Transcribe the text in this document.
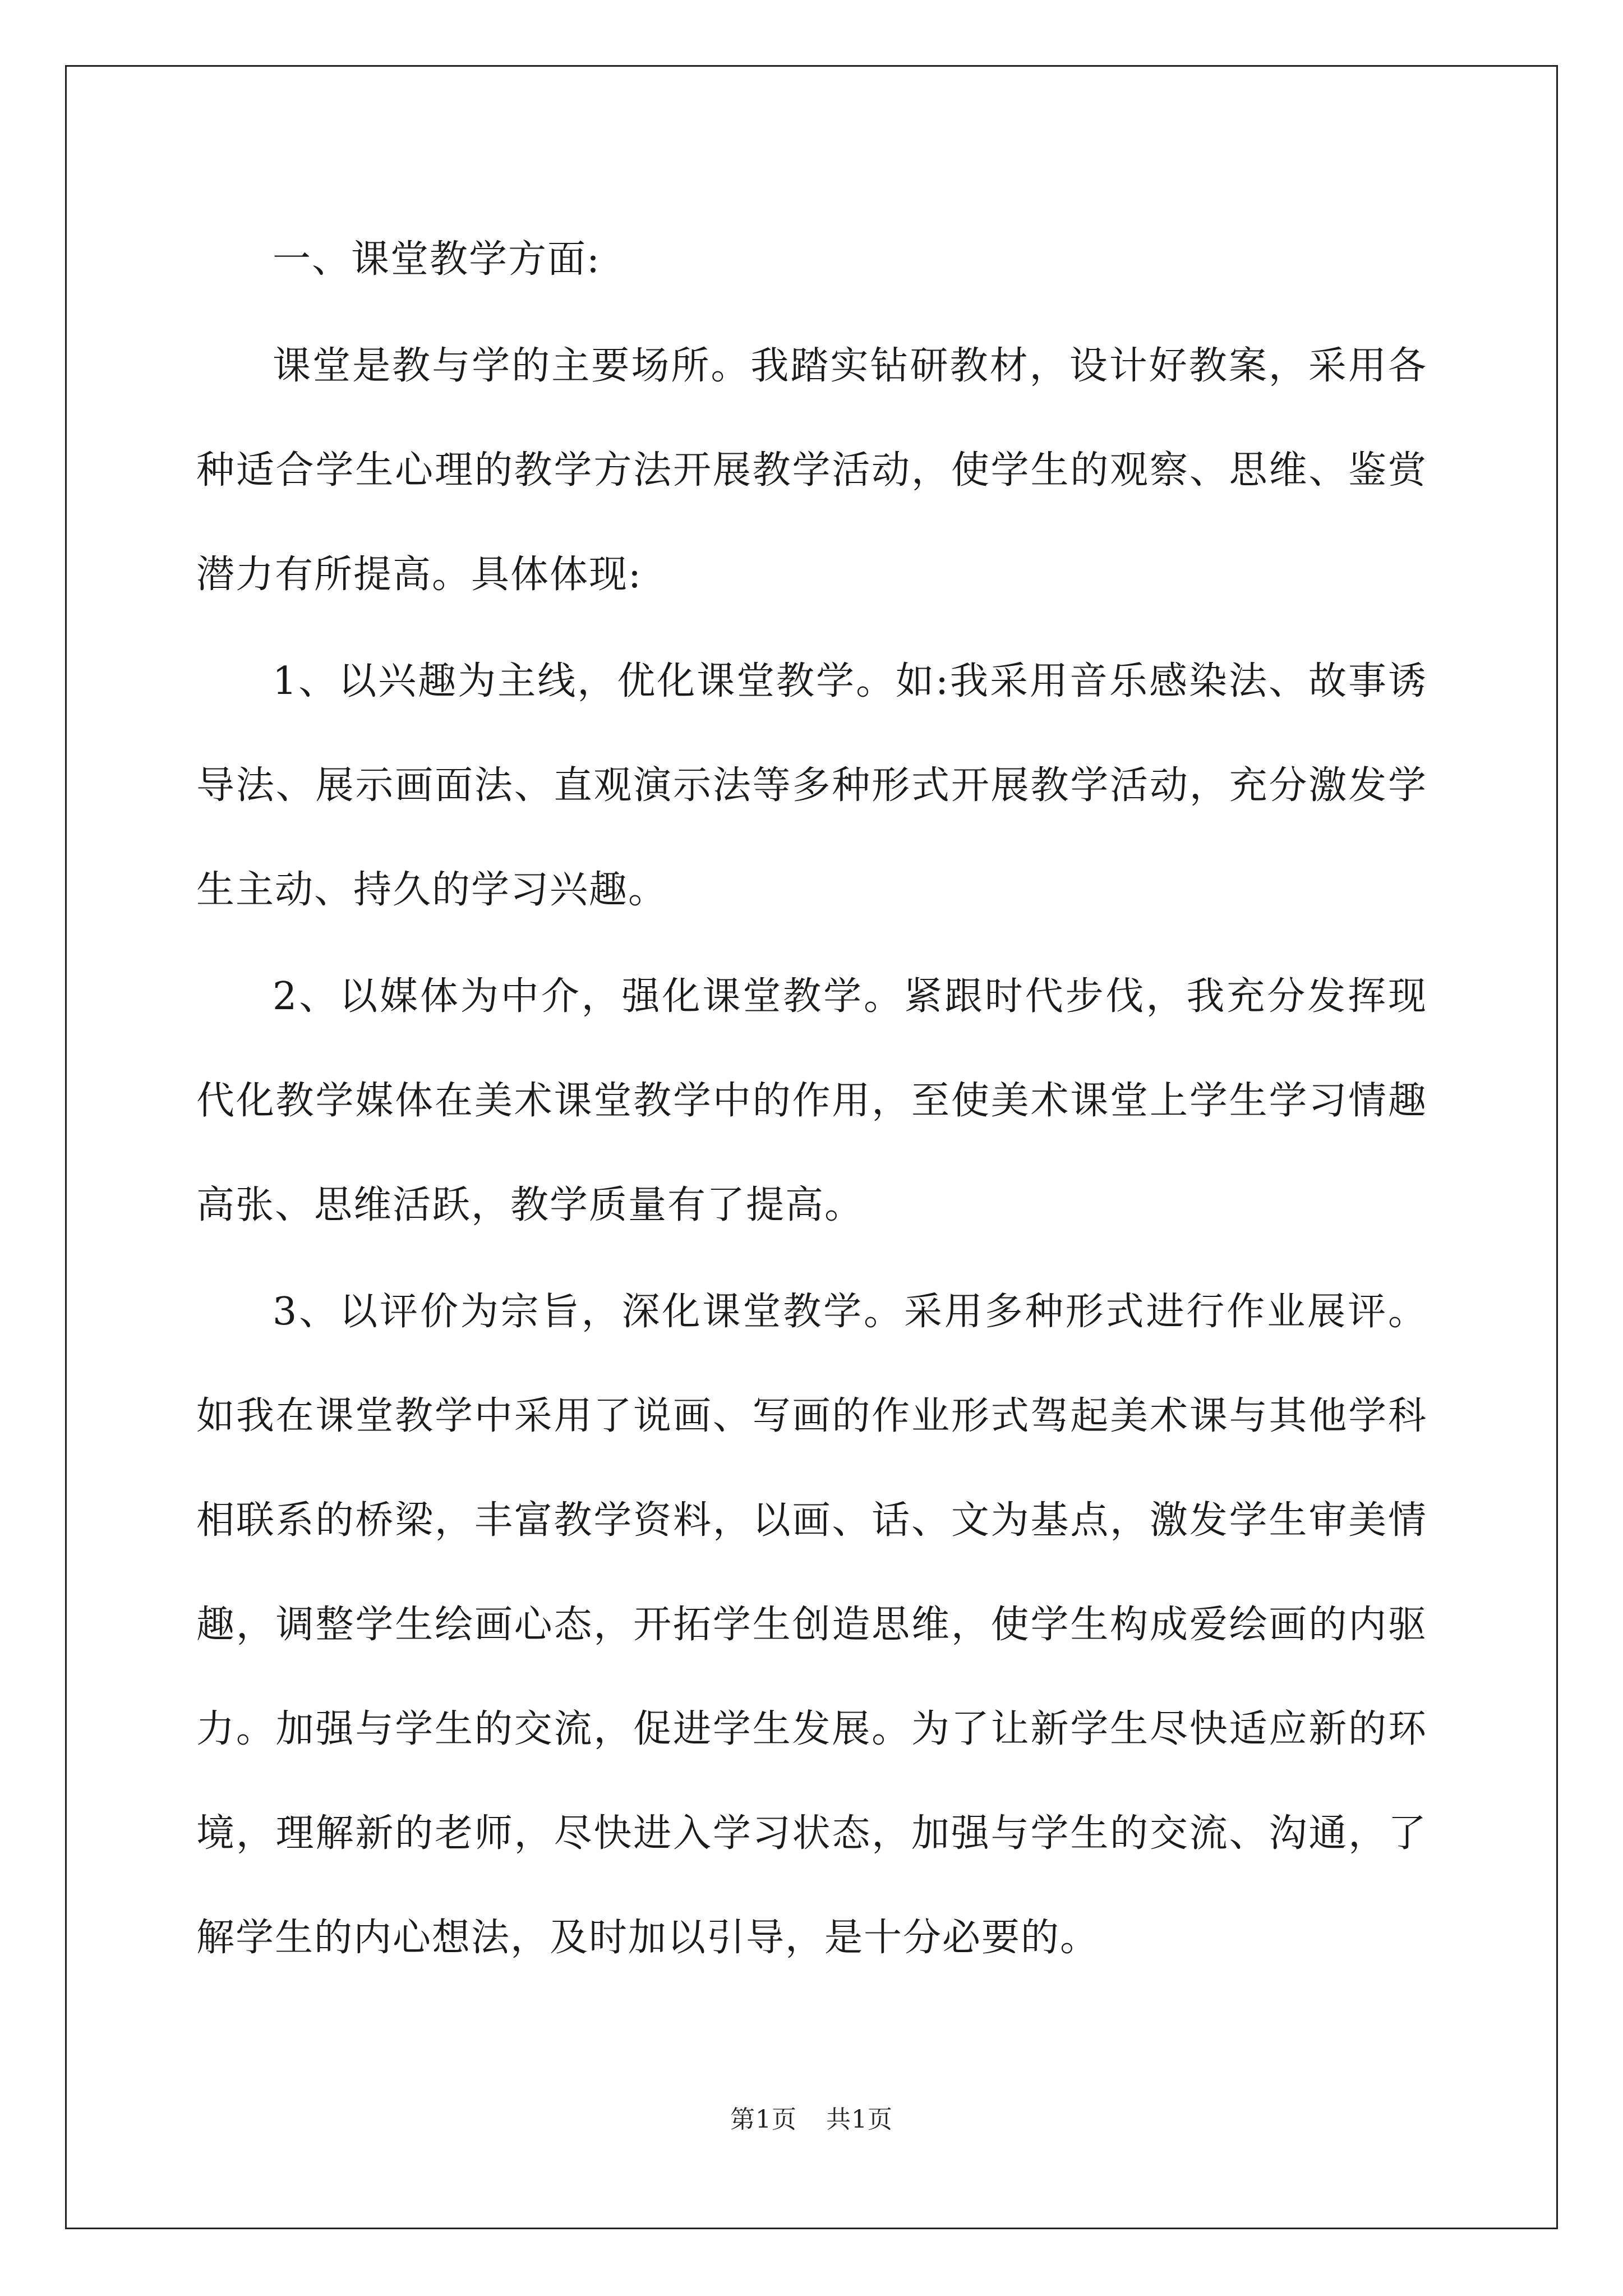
一、课堂教学方面:

课堂是教与学的主要场所。我踏实钻研教材，设计好教案，采用各种适合学生心理的教学方法开展教学活动，使学生的观察、思维、鉴赏潜力有所提高。具体体现:

1、以兴趣为主线，优化课堂教学。如:我采用音乐感染法、故事诱导法、展示画面法、直观演示法等多种形式开展教学活动，充分激发学生主动、持久的学习兴趣。

2、以媒体为中介，强化课堂教学。紧跟时代步伐，我充分发挥现代化教学媒体在美术课堂教学中的作用，至使美术课堂上学生学习情趣高张、思维活跃，教学质量有了提高。

3、以评价为宗旨，深化课堂教学。采用多种形式进行作业展评。如我在课堂教学中采用了说画、写画的作业形式驾起美术课与其他学科相联系的桥梁，丰富教学资料，以画、话、文为基点，激发学生审美情趣，调整学生绘画心态，开拓学生创造思维，使学生构成爱绘画的内驱力。加强与学生的交流，促进学生发展。为了让新学生尽快适应新的环境，理解新的老师，尽快进入学习状态，加强与学生的交流、沟通，了解学生的内心想法，及时加以引导，是十分必要的。

第1页 共1页
